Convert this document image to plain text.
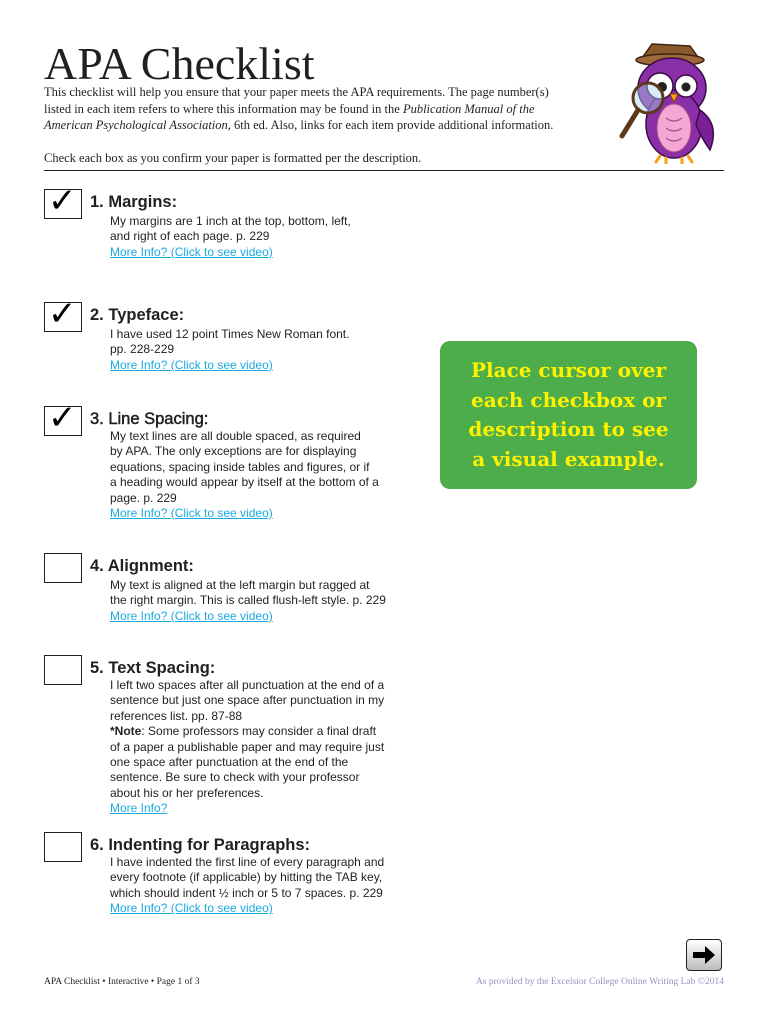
APA Checklist

This checklist will help you ensure that your paper meets the APA requirements. The page number(s)
listed in each item refers to where this information may be found in the Publication Manual of the
American Psychological Association, 6th ed. Also, links for each item provide additional information.

Check each box as you confirm your paper is formatted per the description.
✓ 1. Margins:
My margins are 1 inch at the top, bottom, left,
and right of each page. p. 229
More Info? (Click to see video)
✓ 2. Typeface:
I have used 12 point Times New Roman font.
pp. 228-229
More Info? (Click to see video)
✓ 3. Line Spacing:
My text lines are all double spaced, as required
by APA. The only exceptions are for displaying
equations, spacing inside tables and figures, or if
a heading would appear by itself at the bottom of a
page. p. 229
More Info? (Click to see video)
4. Alignment:
My text is aligned at the left margin but ragged at
the right margin. This is called flush-left style. p. 229
More Info? (Click to see video)
5. Text Spacing:
I left two spaces after all punctuation at the end of a
sentence but just one space after punctuation in my
references list. pp. 87-88
*Note: Some professors may consider a final draft
of a paper a publishable paper and may require just
one space after punctuation at the end of the
sentence. Be sure to check with your professor
about his or her preferences.
More Info?
6. Indenting for Paragraphs:
I have indented the first line of every paragraph and
every footnote (if applicable) by hitting the TAB key,
which should indent ½ inch or 5 to 7 spaces. p. 229
More Info? (Click to see video)
Place cursor over
each checkbox or
description to see
a visual example.
APA Checklist • Interactive • Page 1 of 3	As provided by the Excelsior College Online Writing Lab ©2014
